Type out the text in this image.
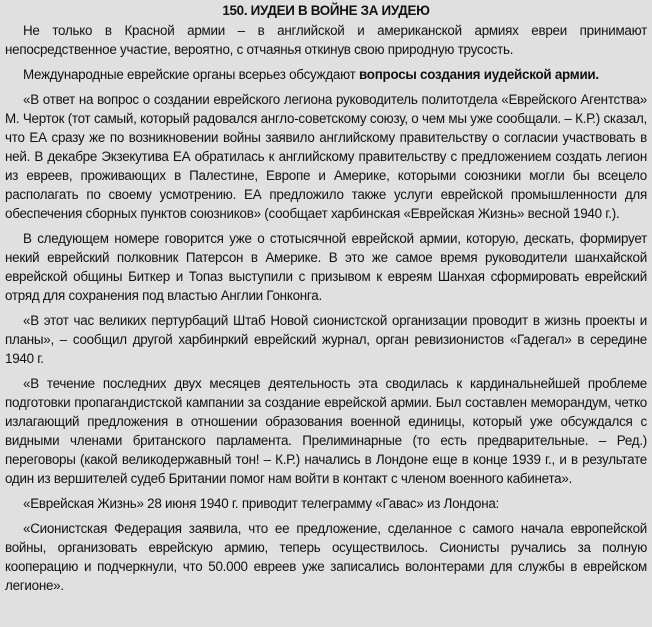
150. ИУДЕИ В ВОЙНЕ ЗА ИУДЕЮ

Не только в Красной армии – в английской и американской армиях евреи принимают непосредственное участие, вероятно, с отчаянья откинув свою природную трусость.

Международные еврейские органы всерьез обсуждают вопросы создания иудейской армии.

«В ответ на вопрос о создании еврейского легиона руководитель политотдела «Еврейского Агентства» М. Черток (тот самый, который радовался англо-советскому союзу, о чем мы уже сообщали. – К.Р.) сказал, что ЕА сразу же по возникновении войны заявило английскому правительству о согласии участвовать в ней. В декабре Экзекутива ЕА обратилась к английскому правительству с предложением создать легион из евреев, проживающих в Палестине, Европе и Америке, которыми союзники могли бы всецело располагать по своему усмотрению. ЕА предложило также услуги еврейской промышленности для обеспечения сборных пунктов союзников» (сообщает харбинская «Еврейская Жизнь» весной 1940 г.).

В следующем номере говорится уже о стотысячной еврейской армии, которую, дескать, формирует некий еврейский полковник Патерсон в Америке. В это же самое время руководители шанхайской еврейской общины Биткер и Топаз выступили с призывом к евреям Шанхая сформировать еврейский отряд для сохранения под властью Англии Гонконга.

«В этот час великих пертурбаций Штаб Новой сионистской организации проводит в жизнь проекты и планы», – сообщил другой харбинркий еврейский журнал, орган ревизионистов «Гадегал» в середине 1940 г.

«В течение последних двух месяцев деятельность эта сводилась к кардинальнейшей проблеме подготовки пропагандистской кампании за создание еврейской армии. Был составлен меморандум, четко излагающий предложения в отношении образования военной единицы, который уже обсуждался с видными членами британского парламента. Прелиминарные (то есть предварительные. – Ред.) переговоры (какой великодержавный тон! – К.Р.) начались в Лондоне еще в конце 1939 г., и в результате один из вершителей судеб Британии помог нам войти в контакт с членом военного кабинета».

«Еврейская Жизнь» 28 июня 1940 г. приводит телеграмму «Гавас» из Лондона:

«Сионистская Федерация заявила, что ее предложение, сделанное с самого начала европейской войны, организовать еврейскую армию, теперь осуществилось. Сионисты ручались за полную кооперацию и подчеркнули, что 50.000 евреев уже записались волонтерами для службы в еврейском легионе».
